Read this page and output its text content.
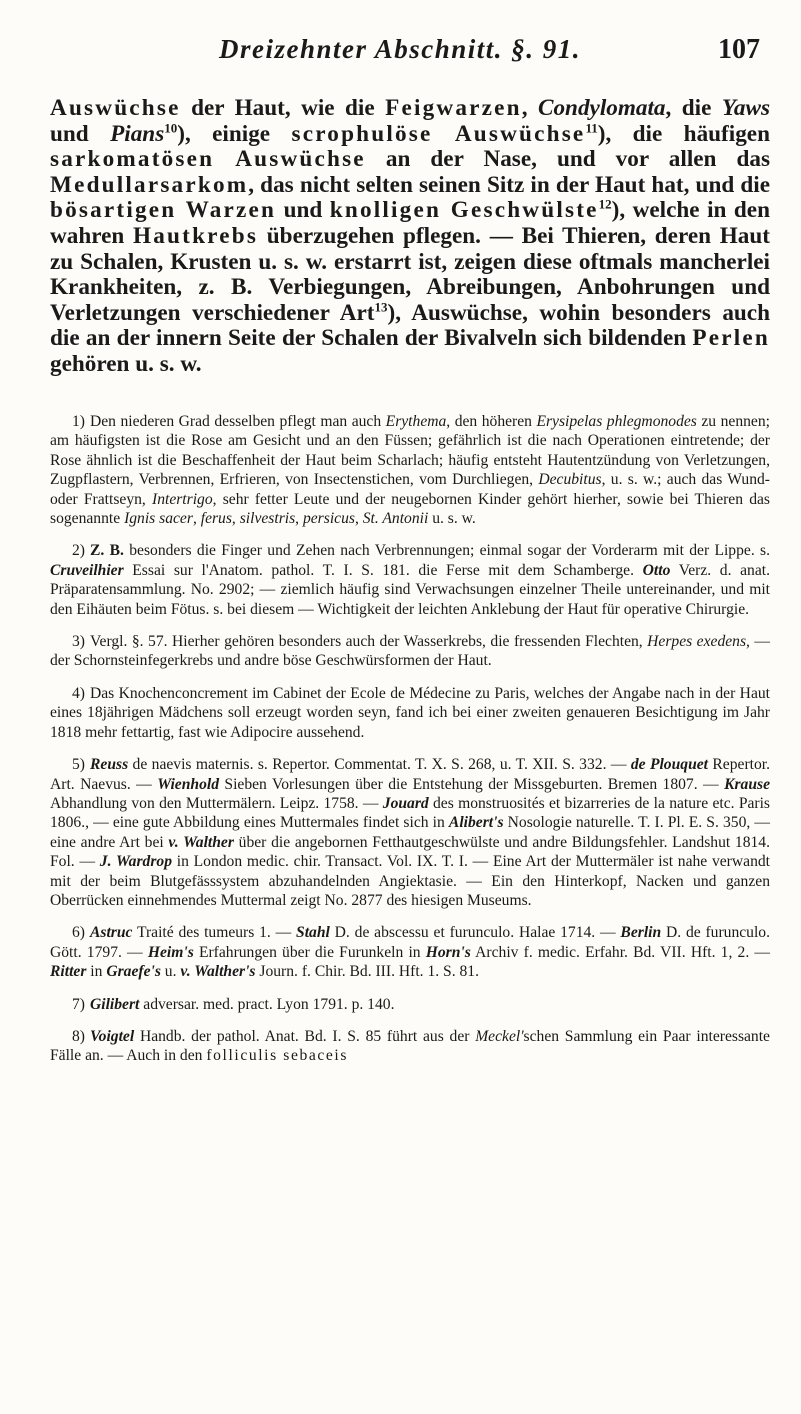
Dreizehnter Abschnitt. §. 91.	107

Auswüchse der Haut, wie die Feigwarzen, Condylomata, die Yaws und Pians$^{10}$), einige scrophulöse Auswüchse$^{11}$), die häufigen sarkomatösen Auswüchse an der Nase, und vor allen das Medullarsarkom, das nicht selten seinen Sitz in der Haut hat, und die bösartigen Warzen und knolligen Geschwülste$^{12}$), welche in den wahren Hautkrebs überzugehen pflegen. — Bei Thieren, deren Haut zu Schalen, Krusten u. s. w. erstarrt ist, zeigen diese oftmals mancherlei Krankheiten, z. B. Verbiegungen, Abreibungen, Anbohrungen und Verletzungen verschiedener Art$^{13}$), Auswüchse, wohin besonders auch die an der innern Seite der Schalen der Bivalveln sich bildenden Perlen gehören u. s. w.

1) Den niederen Grad desselben pflegt man auch Erythema, den höheren Erysipelas phlegmonodes zu nennen; am häufigsten ist die Rose am Gesicht und an den Füssen; gefährlich ist die nach Operationen eintretende; der Rose ähnlich ist die Beschaffenheit der Haut beim Scharlach; häufig entsteht Hautentzündung von Verletzungen, Zugpflastern, Verbrennen, Erfrieren, von Insectenstichen, vom Durchliegen, Decubitus, u. s. w.; auch das Wund- oder Frattseyn, Intertrigo, sehr fetter Leute und der neugebornen Kinder gehört hierher, sowie bei Thieren das sogenannte Ignis sacer, ferus, silvestris, persicus, St. Antonii u. s. w.

2) Z. B. besonders die Finger und Zehen nach Verbrennungen; einmal sogar der Vorderarm mit der Lippe. s. Cruveilhier Essai sur l'Anatom. pathol. T. I. S. 181. die Ferse mit dem Schamberge. Otto Verz. d. anat. Präparatensammlung. No. 2902; — ziemlich häufig sind Verwachsungen einzelner Theile untereinander, und mit den Eihäuten beim Fötus. s. bei diesem — Wichtigkeit der leichten Anklebung der Haut für operative Chirurgie.

3) Vergl. §. 57. Hierher gehören besonders auch der Wasserkrebs, die fressenden Flechten, Herpes exedens, — der Schornsteinfegerkrebs und andre böse Geschwürsformen der Haut.

4) Das Knochenconcrement im Cabinet der Ecole de Médecine zu Paris, welches der Angabe nach in der Haut eines 18jährigen Mädchens soll erzeugt worden seyn, fand ich bei einer zweiten genaueren Besichtigung im Jahr 1818 mehr fettartig, fast wie Adipocire aussehend.

5) Reuss de naevis maternis. s. Repertor. Commentat. T. X. S. 268, u. T. XII. S. 332. — de Plouquet Repertor. Art. Naevus. — Wienhold Sieben Vorlesungen über die Entstehung der Missgeburten. Bremen 1807. — Krause Abhandlung von den Muttermälern. Leipz. 1758. — Jouard des monstruosités et bizarreries de la nature etc. Paris 1806., — eine gute Abbildung eines Muttermales findet sich in Alibert's Nosologie naturelle. T. I. Pl. E. S. 350, — eine andre Art bei v. Walther über die angebornen Fetthautgeschwülste und andre Bildungsfehler. Landshut 1814. Fol. — J. Wardrop in London medic. chir. Transact. Vol. IX. T. I. — Eine Art der Muttermäler ist nahe verwandt mit der beim Blutgefässsystem abzuhandelnden Angiektasie. — Ein den Hinterkopf, Nacken und ganzen Oberrücken einnehmendes Muttermal zeigt No. 2877 des hiesigen Museums.

6) Astruc Traité des tumeurs 1. — Stahl D. de abscessu et furunculo. Halae 1714. — Berlin D. de furunculo. Gött. 1797. — Heim's Erfahrungen über die Furunkeln in Horn's Archiv f. medic. Erfahr. Bd. VII. Hft. 1, 2. — Ritter in Graefe's u. v. Walther's Journ. f. Chir. Bd. III. Hft. 1. S. 81.

7) Gilibert adversar. med. pract. Lyon 1791. p. 140.

8) Voigtel Handb. der pathol. Anat. Bd. I. S. 85 führt aus der Meckel'schen Sammlung ein Paar interessante Fälle an. — Auch in den folliculis sebaceis
